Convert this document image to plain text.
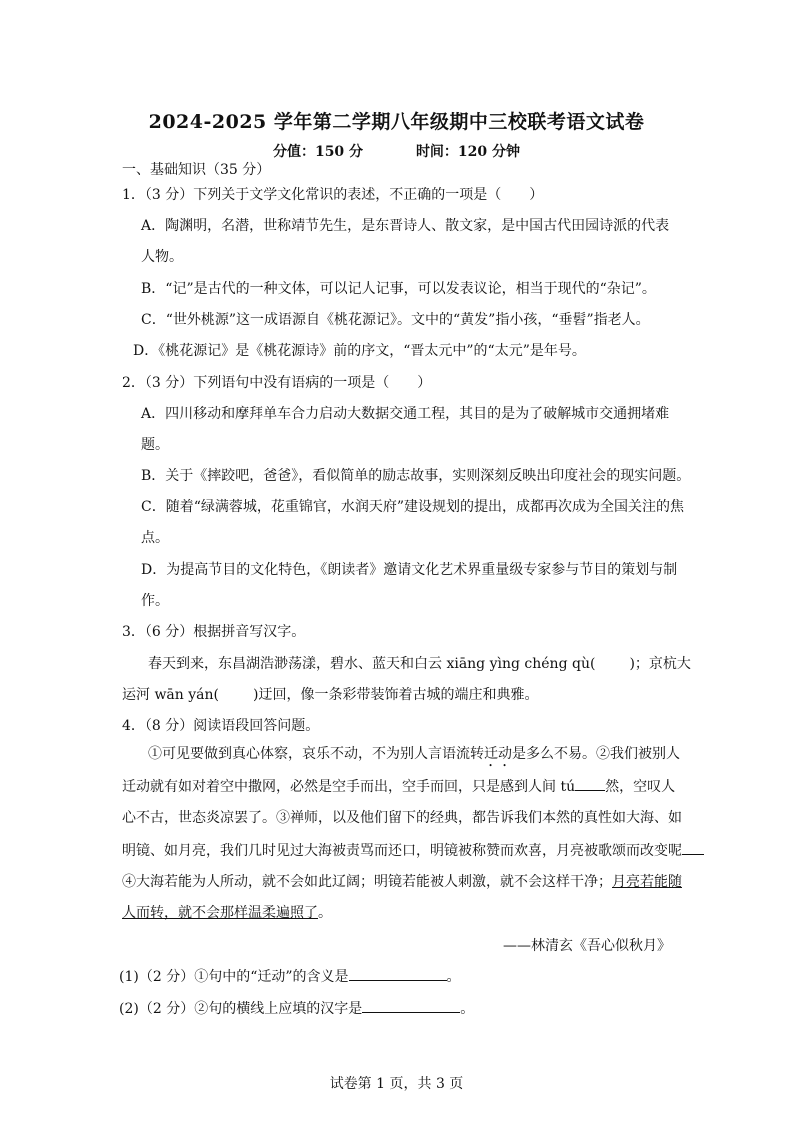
2024-2025 学年第二学期八年级期中三校联考语文试卷
分值：150 分	时间：120 分钟
一、基础知识（35 分）
1．（3 分）下列关于文学文化常识的表述，不正确的一项是（　　）
A．陶渊明，名潜，世称靖节先生，是东晋诗人、散文家，是中国古代田园诗派的代表
人物。
B．“记”是古代的一种文体，可以记人记事，可以发表议论，相当于现代的“杂记”。
C．“世外桃源”这一成语源自《桃花源记》。文中的“黄发”指小孩，“垂髫”指老人。
D．《桃花源记》是《桃花源诗》前的序文，“晋太元中”的“太元”是年号。
2．（3 分）下列语句中没有语病的一项是（　　）
A．四川移动和摩拜单车合力启动大数据交通工程，其目的是为了破解城市交通拥堵难
题。
B．关于《摔跤吧，爸爸》，看似简单的励志故事，实则深刻反映出印度社会的现实问题。
C．随着“绿满蓉城，花重锦官，水润天府”建设规划的提出，成都再次成为全国关注的焦
点。
D．为提高节目的文化特色，《朗读者》邀请文化艺术界重量级专家参与节目的策划与制
作。
3．（6 分）根据拼音写汉字。
春天到来，东昌湖浩渺荡漾，碧水、蓝天和白云 xiāng yìng chéng qù( )；京杭大
运河 wān yán( )迂回，像一条彩带装饰着古城的端庄和典雅。
4．（8 分）阅读语段回答问题。
①可见要做到真心体察，哀乐不动，不为别人言语流转迁动是多么不易。②我们被别人
迁动就有如对着空中撒网，必然是空手而出，空手而回，只是感到人间 tú 然，空叹人
心不古，世态炎凉罢了。③禅师，以及他们留下的经典，都告诉我们本然的真性如大海、如
明镜、如月亮，我们几时见过大海被责骂而还口，明镜被称赞而欢喜，月亮被歌颂而改变呢
④大海若能为人所动，就不会如此辽阔；明镜若能被人刺激，就不会这样干净；月亮若能随
人而转，就不会那样温柔遍照了。
——林清玄《吾心似秋月》
(1)（2 分）①句中的“迁动”的含义是	。
(2)（2 分）②句的横线上应填的汉字是	。
试卷第 1 页，共 3 页
